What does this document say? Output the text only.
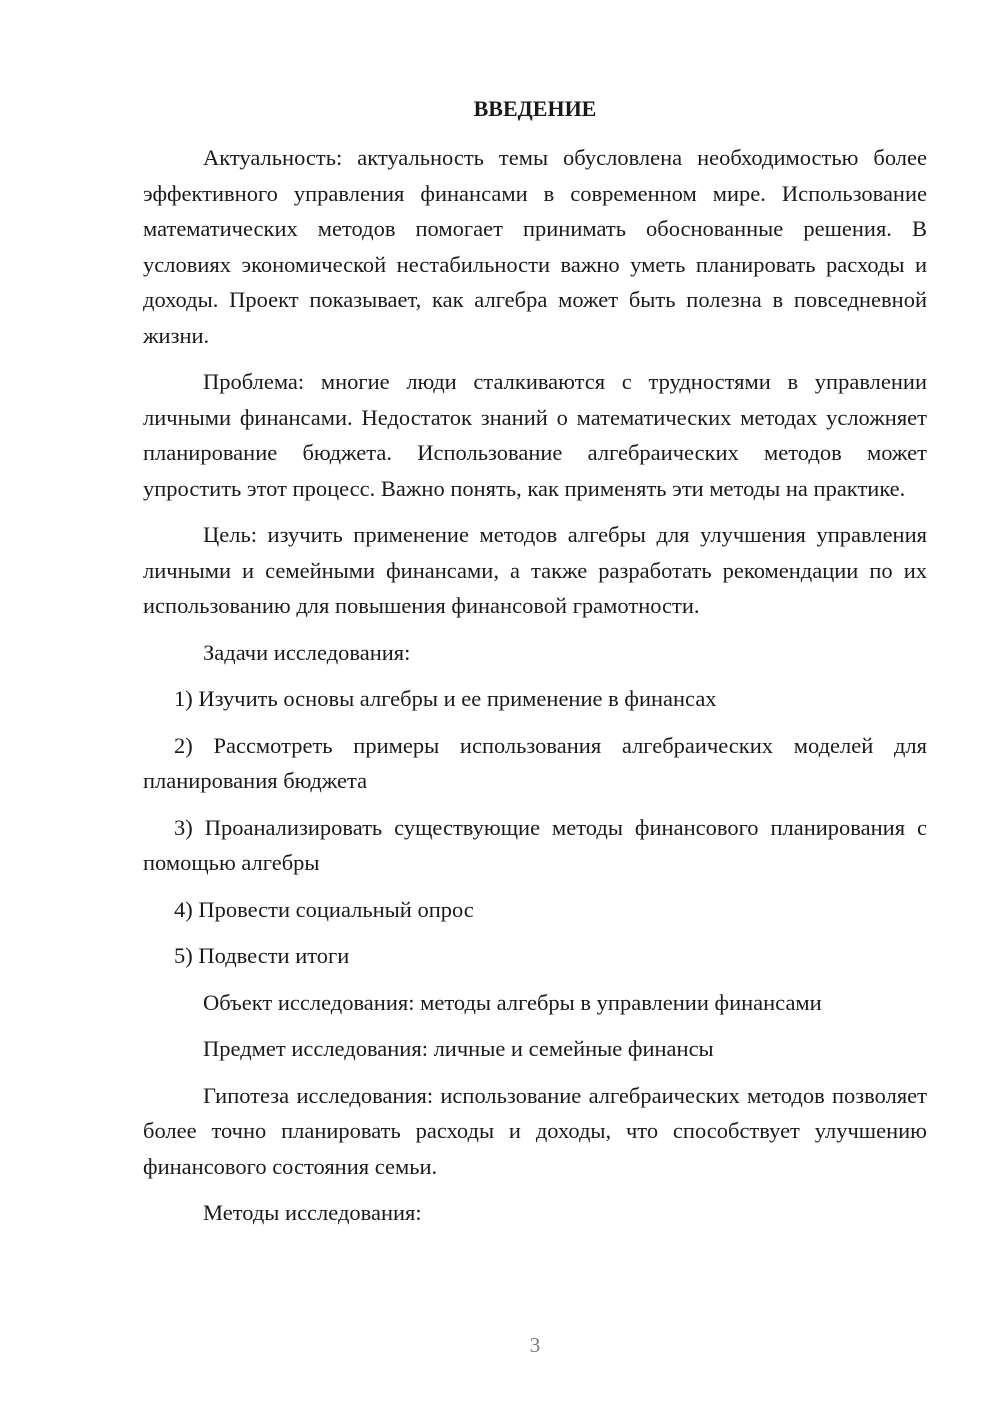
ВВЕДЕНИЕ

Актуальность: актуальность темы обусловлена необходимостью более эффективного управления финансами в современном мире. Использование математических методов помогает принимать обоснованные решения. В условиях экономической нестабильности важно уметь планировать расходы и доходы. Проект показывает, как алгебра может быть полезна в повседневной жизни.

Проблема: многие люди сталкиваются с трудностями в управлении личными финансами. Недостаток знаний о математических методах усложняет планирование бюджета. Использование алгебраических методов может упростить этот процесс. Важно понять, как применять эти методы на практике.

Цель: изучить применение методов алгебры для улучшения управления личными и семейными финансами, а также разработать рекомендации по их использованию для повышения финансовой грамотности.

Задачи исследования:

1) Изучить основы алгебры и ее применение в финансах

2) Рассмотреть примеры использования алгебраических моделей для планирования бюджета

3) Проанализировать существующие методы финансового планирования с помощью алгебры

4) Провести социальный опрос

5) Подвести итоги

Объект исследования: методы алгебры в управлении финансами

Предмет исследования: личные и семейные финансы

Гипотеза исследования: использование алгебраических методов позволяет более точно планировать расходы и доходы, что способствует улучшению финансового состояния семьи.

Методы исследования:

3
